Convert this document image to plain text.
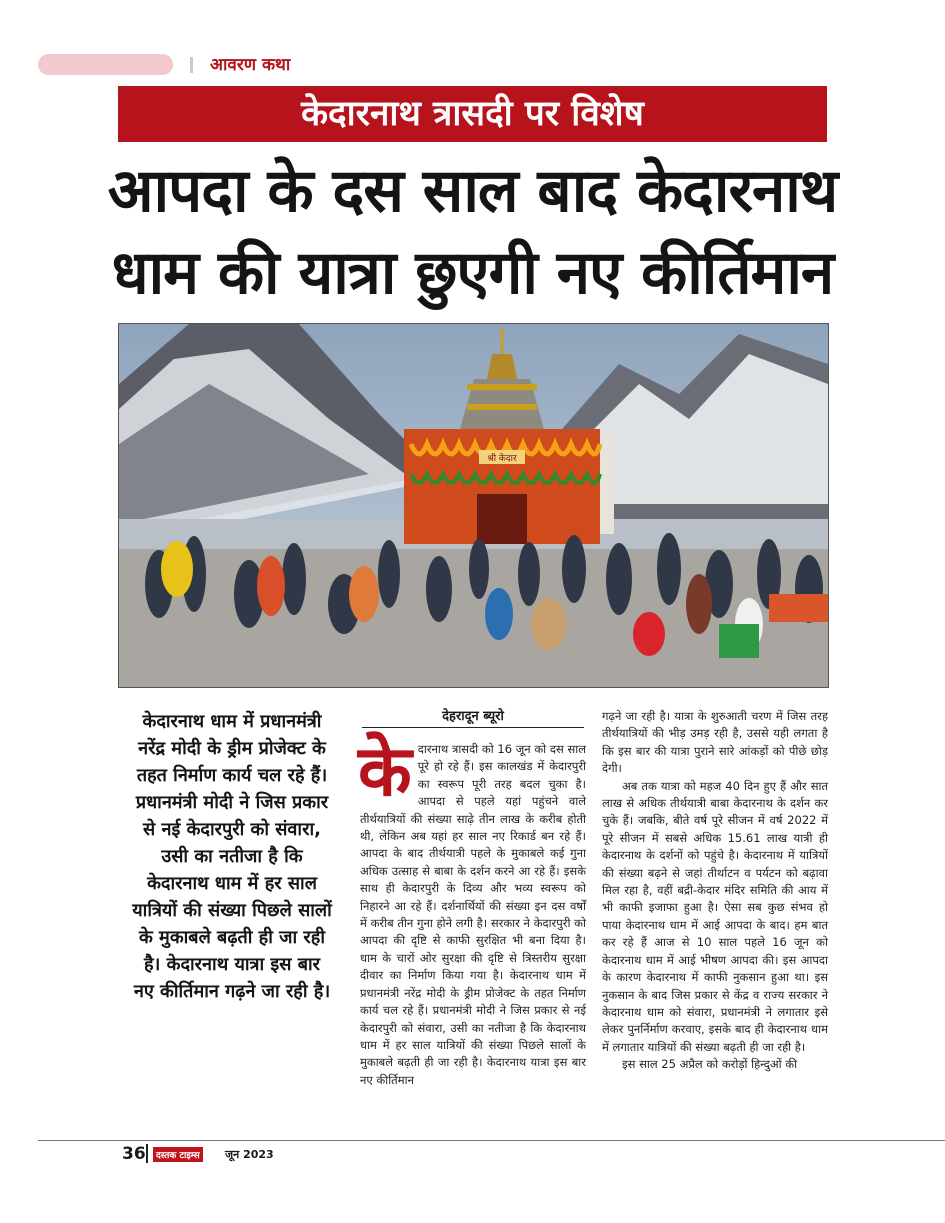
आवरण कथा
केदारनाथ त्रासदी पर विशेष
आपदा के दस साल बाद केदारनाथ
धाम की यात्रा छुएगी नए कीर्तिमान
श्री केदार
केदारनाथ धाम में प्रधानमंत्री नरेंद्र मोदी के ड्रीम प्रोजेक्ट के तहत निर्माण कार्य चल रहे हैं। प्रधानमंत्री मोदी ने जिस प्रकार से नई केदारपुरी को संवारा, उसी का नतीजा है कि केदारनाथ धाम में हर साल यात्रियों की संख्या पिछले सालों के मुकाबले बढ़ती ही जा रही है। केदारनाथ यात्रा इस बार नए कीर्तिमान गढ़ने जा रही है।
देहरादून ब्यूरो
केदारनाथ त्रासदी को 16 जून को दस साल पूरे हो रहे हैं। इस कालखंड में केदारपुरी का स्वरूप पूरी तरह बदल चुका है। आपदा से पहले यहां पहुंचने वाले तीर्थयात्रियों की संख्या साढ़े तीन लाख के करीब होती थी, लेकिन अब यहां हर साल नए रिकार्ड बन रहे हैं। आपदा के बाद तीर्थयात्री पहले के मुकाबले कई गुना अधिक उत्साह से बाबा के दर्शन करने आ रहे हैं। इसके साथ ही केदारपुरी के दिव्य और भव्य स्वरूप को निहारने आ रहे हैं। दर्शनार्थियों की संख्या इन दस वर्षों में करीब तीन गुना होने लगी है। सरकार ने केदारपुरी को आपदा की दृष्टि से काफी सुरक्षित भी बना दिया है। धाम के चारों ओर सुरक्षा की दृष्टि से त्रिस्तरीय सुरक्षा दीवार का निर्माण किया गया है। केदारनाथ धाम में प्रधानमंत्री नरेंद्र मोदी के ड्रीम प्रोजेक्ट के तहत निर्माण कार्य चल रहे हैं। प्रधानमंत्री मोदी ने जिस प्रकार से नई केदारपुरी को संवारा, उसी का नतीजा है कि केदारनाथ धाम में हर साल यात्रियों की संख्या पिछले सालों के मुकाबले बढ़ती ही जा रही है। केदारनाथ यात्रा इस बार नए कीर्तिमान

गढ़ने जा रही है। यात्रा के शुरुआती चरण में जिस तरह तीर्थयात्रियों की भीड़ उमड़ रही है, उससे यही लगता है कि इस बार की यात्रा पुराने सारे आंकड़ों को पीछे छोड़ देगी।

अब तक यात्रा को महज 40 दिन हुए हैं और सात लाख से अधिक तीर्थयात्री बाबा केदारनाथ के दर्शन कर चुके हैं। जबकि, बीते वर्ष पूरे सीजन में वर्ष 2022 में पूरे सीजन में सबसे अधिक 15.61 लाख यात्री ही केदारनाथ के दर्शनों को पहुंचे है। केदारनाथ में यात्रियों की संख्या बढ़ने से जहां तीर्थाटन व पर्यटन को बढ़ावा मिल रहा है, वहीं बद्री-केदार मंदिर समिति की आय में भी काफी इजाफा हुआ है। ऐसा सब कुछ संभव हो पाया केदारनाथ धाम में आई आपदा के बाद। हम बात कर रहे हैं आज से 10 साल पहले 16 जून को केदारनाथ धाम में आई भीषण आपदा की। इस आपदा के कारण केदारनाथ में काफी नुकसान हुआ था। इस नुकसान के बाद जिस प्रकार से केंद्र व राज्य सरकार ने केदारनाथ धाम को संवारा, प्रधानमंत्री ने लगातार इसे लेकर पुनर्निर्माण करवाए, इसके बाद ही केदारनाथ धाम में लगातार यात्रियों की संख्या बढ़ती ही जा रही है।

इस साल 25 अप्रैल को करोड़ों हिन्दुओं की

36	दस्तक टाइम्स जून 2023
